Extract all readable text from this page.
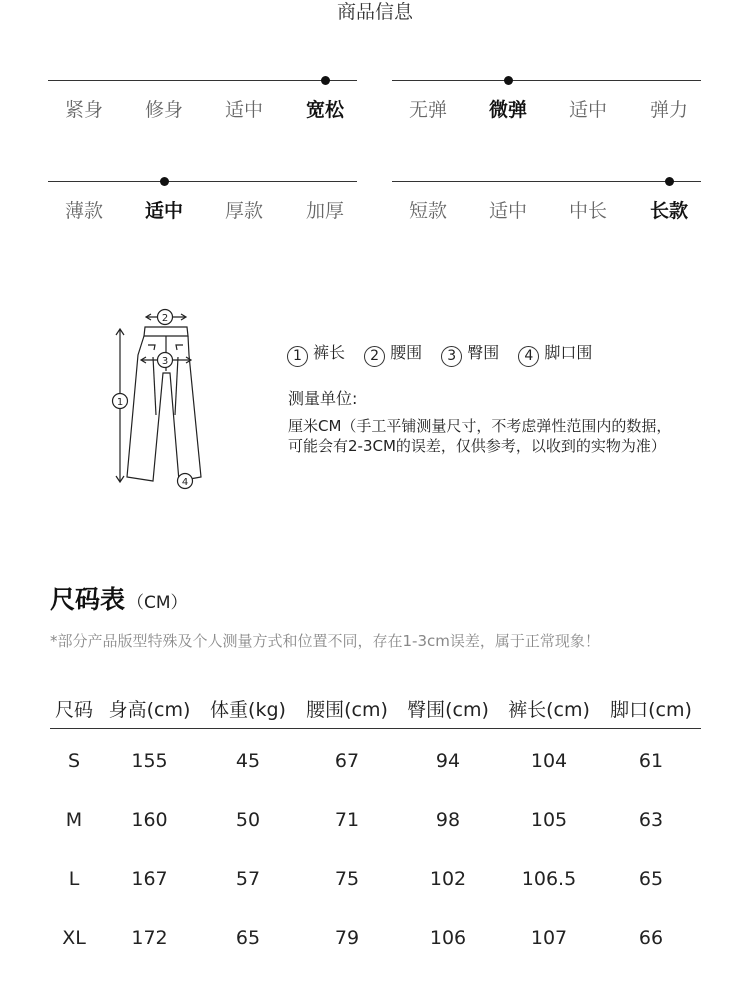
商品信息
紧身	修身	适中	宽松	无弹	微弹	适中	弹力
薄款	适中	厚款	加厚	短款	适中	中长	长款
1
2
3
4
1 裤长 2 腰围 3 臀围 4 脚口围
测量单位:
厘米CM（手工平铺测量尺寸，不考虑弹性范围内的数据，
可能会有2-3CM的误差，仅供参考，以收到的实物为准）
尺码表 （CM）
*部分产品版型特殊及个人测量方式和位置不同，存在1-3cm误差，属于正常现象！
尺码	身高(cm)	体重(kg)	腰围(cm)	臀围(cm)	裤长(cm)	脚口(cm)
S	155	45	67	94	104	61
M	160	50	71	98	105	63
L	167	57	75	102	106.5	65
XL	172	65	79	106	107	66
